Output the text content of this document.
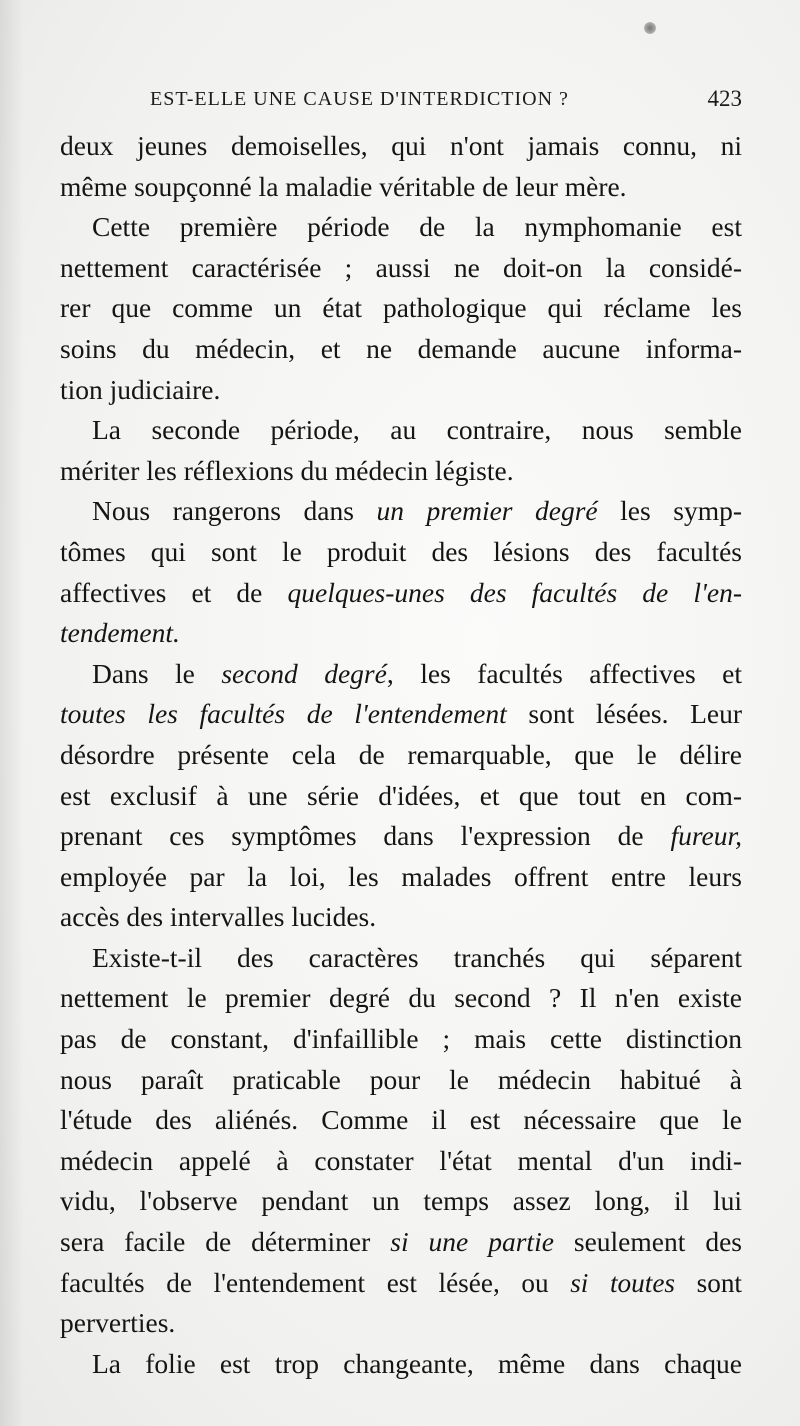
EST-ELLE UNE CAUSE D'INTERDICTION ?	423
deux jeunes demoiselles, qui n'ont jamais connu, ni
même soupçonné la maladie véritable de leur mère.
Cette première période de la nymphomanie est
nettement caractérisée ; aussi ne doit-on la considé-
rer que comme un état pathologique qui réclame les
soins du médecin, et ne demande aucune informa-
tion judiciaire.
La seconde période, au contraire, nous semble
mériter les réflexions du médecin légiste.
Nous rangerons dans un premier degré les symp-
tômes qui sont le produit des lésions des facultés
affectives et de quelques-unes des facultés de l'en-
tendement.
Dans le second degré, les facultés affectives et
toutes les facultés de l'entendement sont lésées. Leur
désordre présente cela de remarquable, que le délire
est exclusif à une série d'idées, et que tout en com-
prenant ces symptômes dans l'expression de fureur,
employée par la loi, les malades offrent entre leurs
accès des intervalles lucides.
Existe-t-il des caractères tranchés qui séparent
nettement le premier degré du second ? Il n'en existe
pas de constant, d'infaillible ; mais cette distinction
nous paraît praticable pour le médecin habitué à
l'étude des aliénés. Comme il est nécessaire que le
médecin appelé à constater l'état mental d'un indi-
vidu, l'observe pendant un temps assez long, il lui
sera facile de déterminer si une partie seulement des
facultés de l'entendement est lésée, ou si toutes sont
perverties.
La folie est trop changeante, même dans chaque
